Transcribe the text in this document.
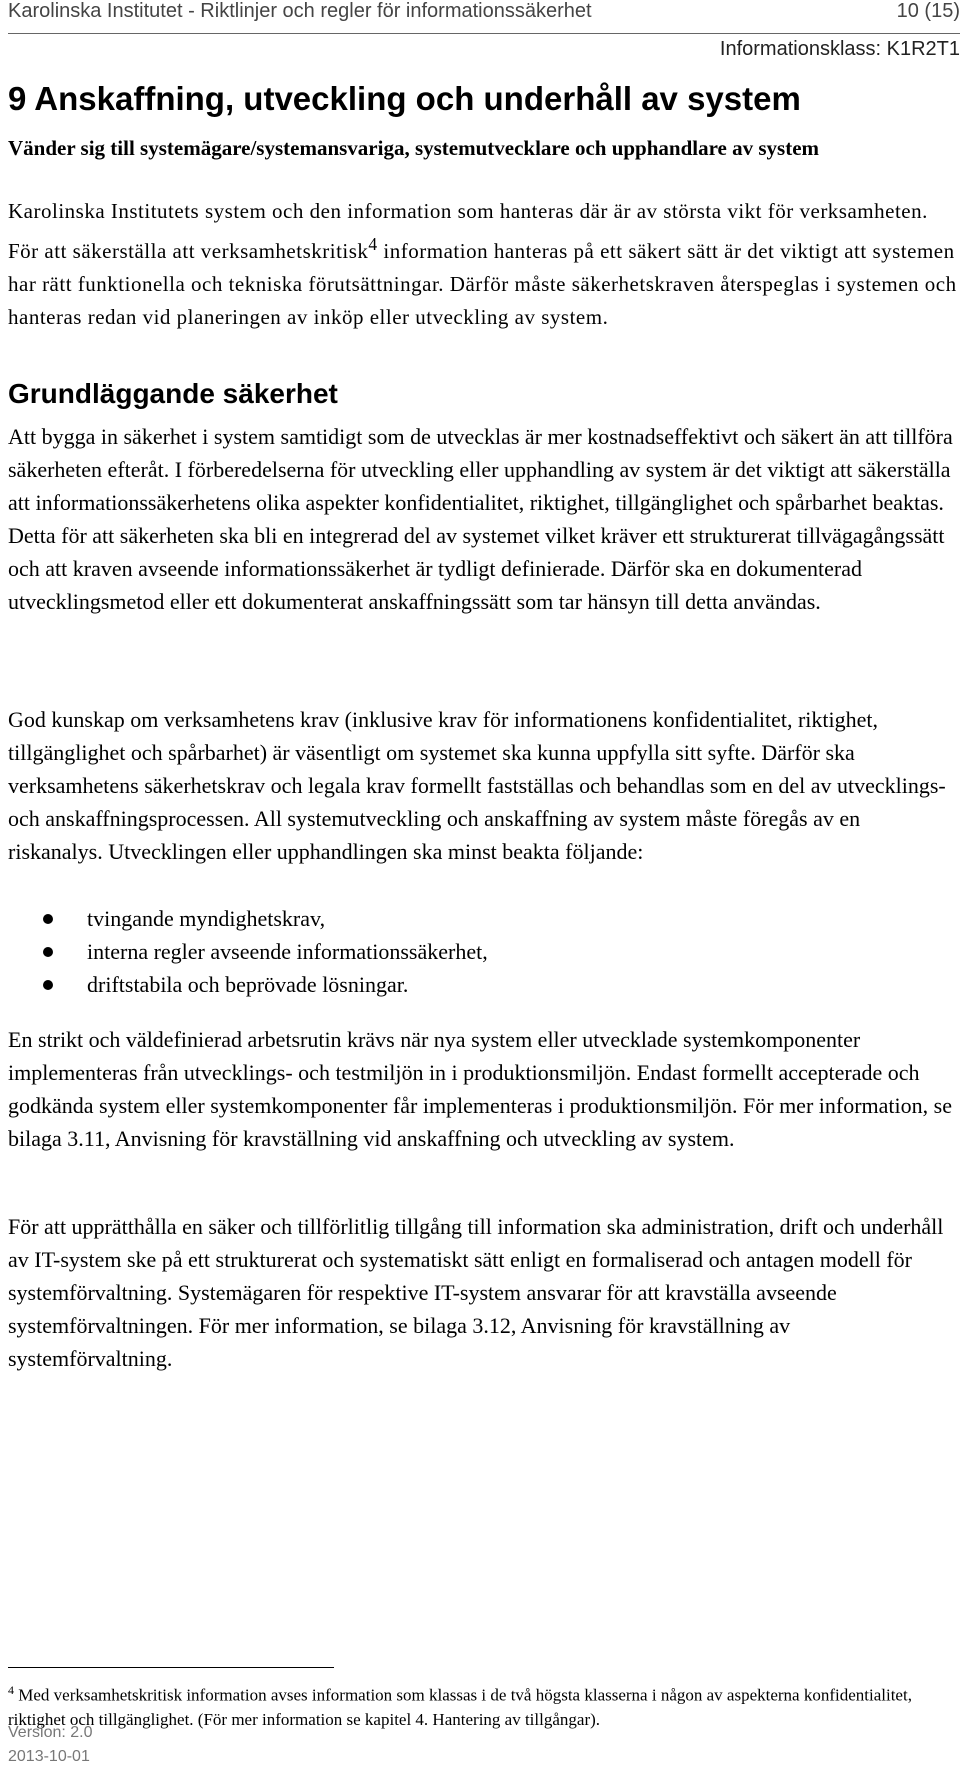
Karolinska Institutet - Riktlinjer och regler för informationssäkerhet	10 (15)
Informationsklass: K1R2T1
9 Anskaffning, utveckling och underhåll av system
Vänder sig till systemägare/systemansvariga, systemutvecklare och upphandlare av system
Karolinska Institutets system och den information som hanteras där är av största vikt för verksamheten. För att säkerställa att verksamhetskritisk$^4$ information hanteras på ett säkert sätt är det viktigt att systemen har rätt funktionella och tekniska förutsättningar. Därför måste säkerhetskraven återspeglas i systemen och hanteras redan vid planeringen av inköp eller utveckling av system.
Grundläggande säkerhet
Att bygga in säkerhet i system samtidigt som de utvecklas är mer kostnadseffektivt och säkert än att tillföra säkerheten efteråt. I förberedelserna för utveckling eller upphandling av system är det viktigt att säkerställa att informationssäkerhetens olika aspekter konfidentialitet, riktighet, tillgänglighet och spårbarhet beaktas. Detta för att säkerheten ska bli en integrerad del av systemet vilket kräver ett strukturerat tillvägagångssätt och att kraven avseende informationssäkerhet är tydligt definierade. Därför ska en dokumenterad utvecklingsmetod eller ett dokumenterat anskaffningssätt som tar hänsyn till detta användas.
God kunskap om verksamhetens krav (inklusive krav för informationens konfidentialitet, riktighet, tillgänglighet och spårbarhet) är väsentligt om systemet ska kunna uppfylla sitt syfte. Därför ska verksamhetens säkerhetskrav och legala krav formellt fastställas och behandlas som en del av utvecklings- och anskaffningsprocessen. All systemutveckling och anskaffning av system måste föregås av en riskanalys. Utvecklingen eller upphandlingen ska minst beakta följande:
tvingande myndighetskrav,
interna regler avseende informationssäkerhet,
driftstabila och beprövade lösningar.
En strikt och väldefinierad arbetsrutin krävs när nya system eller utvecklade systemkomponenter implementeras från utvecklings- och testmiljön in i produktionsmiljön. Endast formellt accepterade och godkända system eller systemkomponenter får implementeras i produktionsmiljön. För mer information, se bilaga 3.11, Anvisning för kravställning vid anskaffning och utveckling av system.
För att upprätthålla en säker och tillförlitlig tillgång till information ska administration, drift och underhåll av IT-system ske på ett strukturerat och systematiskt sätt enligt en formaliserad och antagen modell för systemförvaltning. Systemägaren för respektive IT-system ansvarar för att kravställa avseende systemförvaltningen. För mer information, se bilaga 3.12, Anvisning för kravställning av systemförvaltning.
$^4$ Med verksamhetskritisk information avses information som klassas i de två högsta klasserna i någon av aspekterna konfidentialitet, riktighet och tillgänglighet. (För mer information se kapitel 4. Hantering av tillgångar).
Version: 2.0
2013-10-01
